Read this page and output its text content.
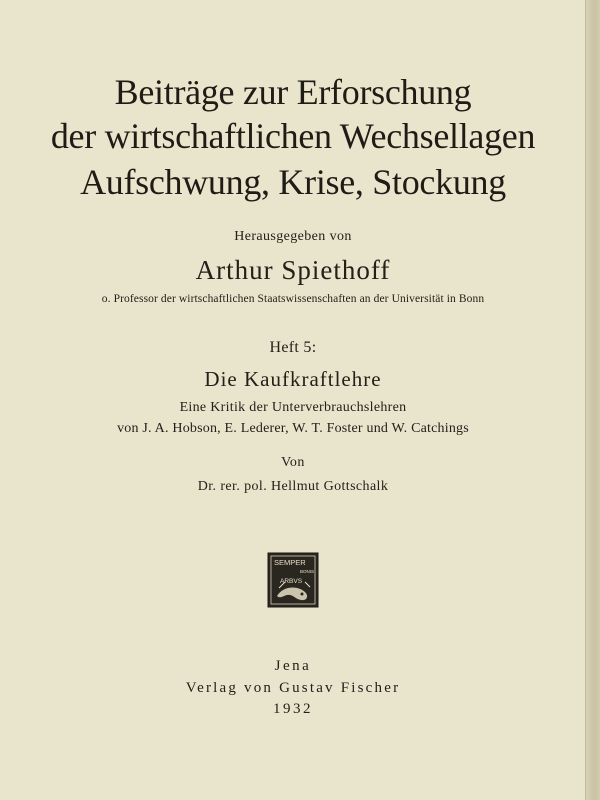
Beiträge zur Erforschung
der wirtschaftlichen Wechsellagen
Aufschwung, Krise, Stockung
Herausgegeben von
Arthur Spiethoff
o. Professor der wirtschaftlichen Staatswissenschaften an der Universität in Bonn
Heft 5:
Die Kaufkraftlehre
Eine Kritik der Unterverbrauchslehren
von J. A. Hobson, E. Lederer, W. T. Foster und W. Catchings
Von
Dr. rer. pol. Hellmut Gottschalk
SEMPER
BONIS
ARBVS
Jena
Verlag von Gustav Fischer
1932
